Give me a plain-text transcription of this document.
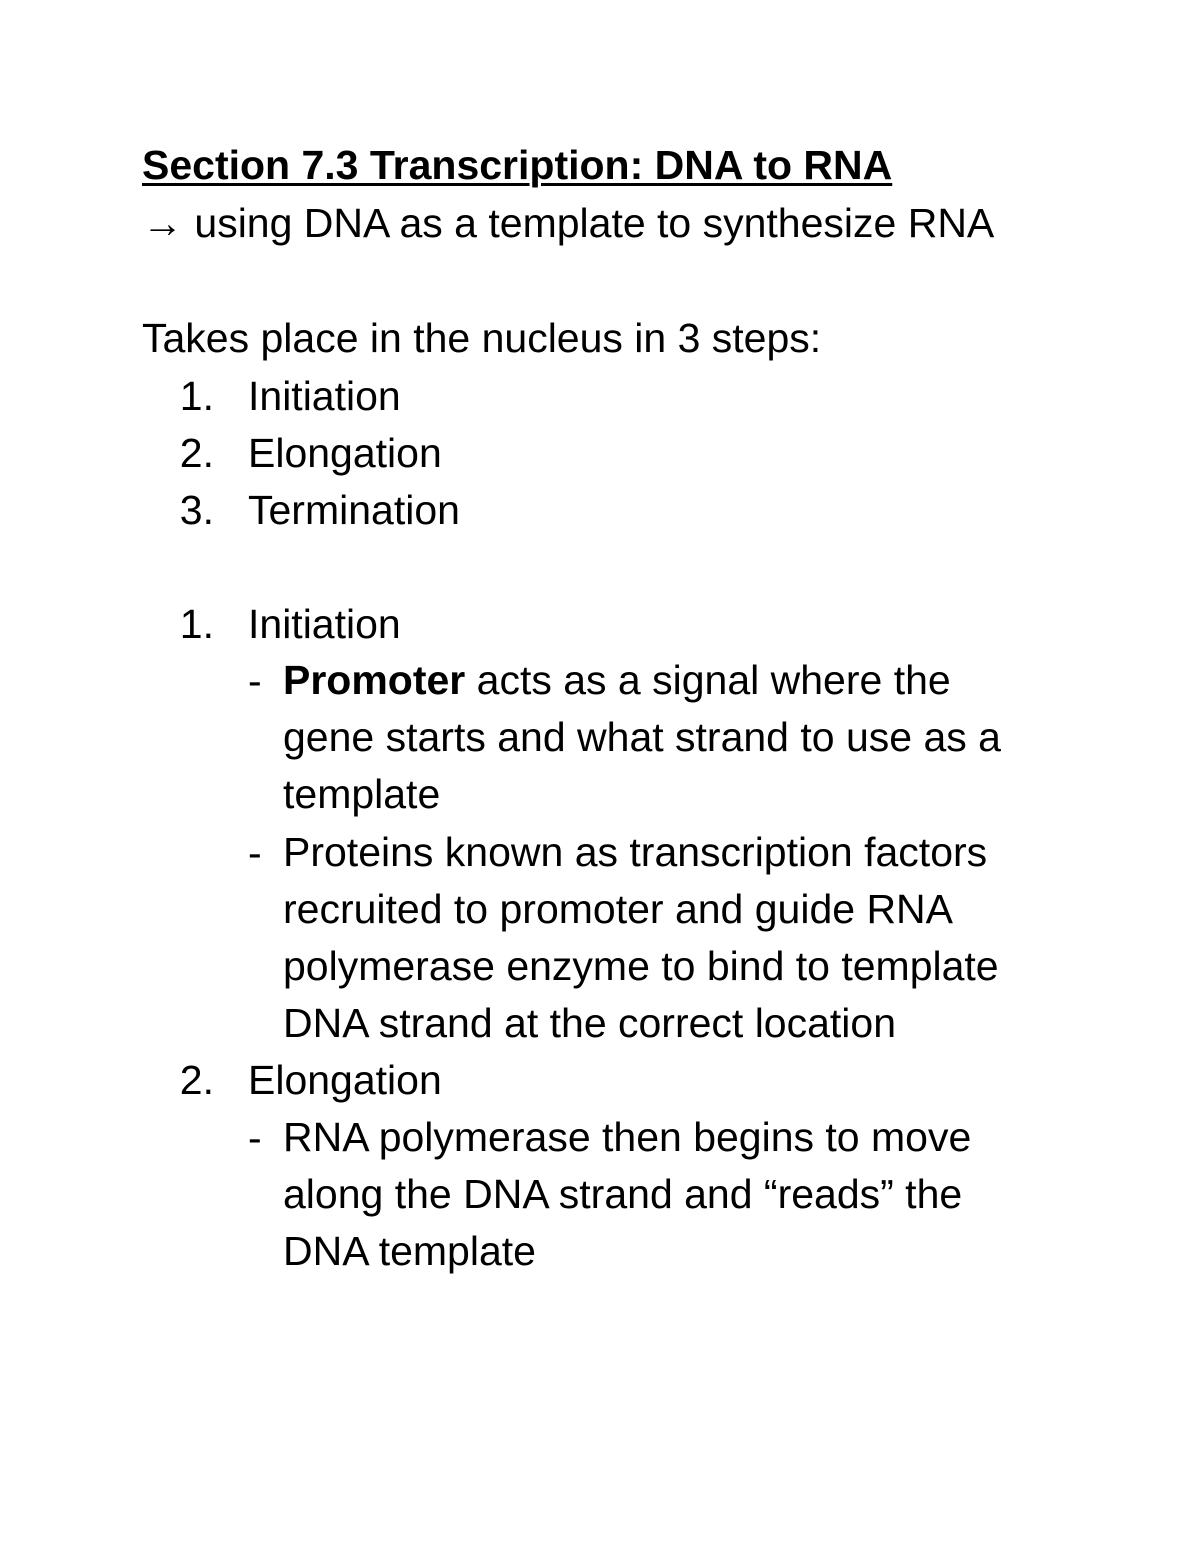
Section 7.3 Transcription: DNA to RNA
→ using DNA as a template to synthesize RNA
Takes place in the nucleus in 3 steps:
1. Initiation
2. Elongation
3. Termination
1. Initiation
- Promoter acts as a signal where the gene starts and what strand to use as a template
- Proteins known as transcription factors recruited to promoter and guide RNA polymerase enzyme to bind to template DNA strand at the correct location
2. Elongation
- RNA polymerase then begins to move along the DNA strand and “reads” the DNA template
